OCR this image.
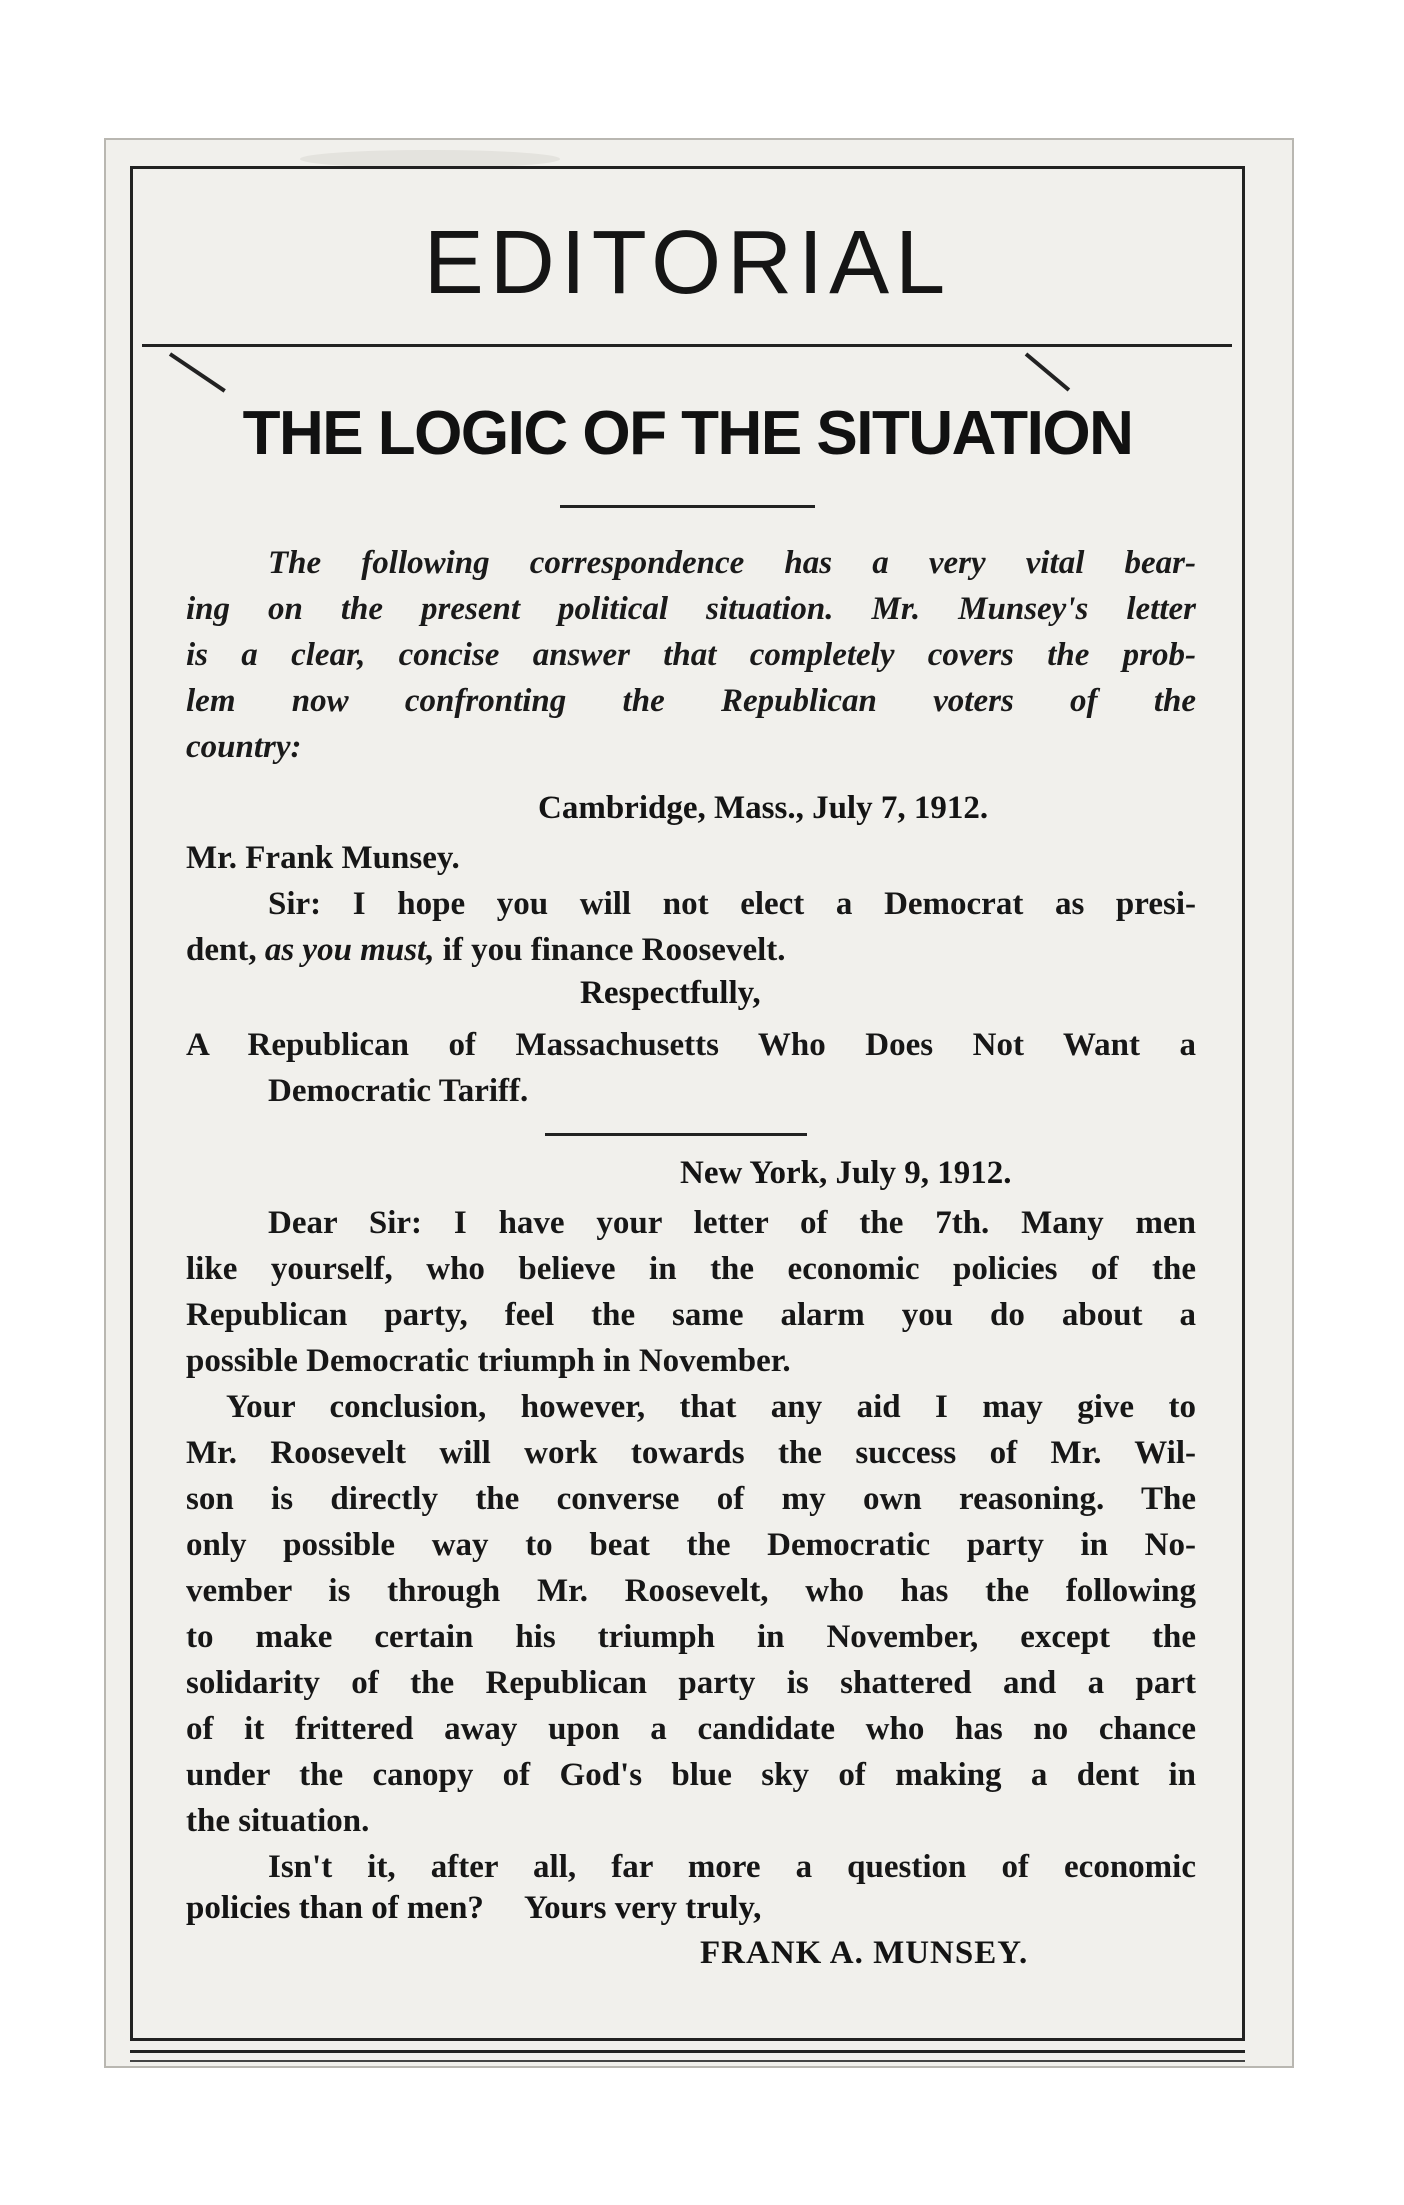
EDITORIAL
THE LOGIC OF THE SITUATION
The following correspondence has a very vital bear-
ing on the present political situation. Mr. Munsey's letter
is a clear, concise answer that completely covers the prob-
lem now confronting the Republican voters of the
country:
Cambridge, Mass., July 7, 1912.
Mr. Frank Munsey.
Sir: I hope you will not elect a Democrat as presi-
dent, as you must, if you finance Roosevelt.
Respectfully,
A Republican of Massachusetts Who Does Not Want a
Democratic Tariff.
New York, July 9, 1912.
Dear Sir: I have your letter of the 7th. Many men
like yourself, who believe in the economic policies of the
Republican party, feel the same alarm you do about a
possible Democratic triumph in November.
Your conclusion, however, that any aid I may give to
Mr. Roosevelt will work towards the success of Mr. Wil-
son is directly the converse of my own reasoning. The
only possible way to beat the Democratic party in No-
vember is through Mr. Roosevelt, who has the following
to make certain his triumph in November, except the
solidarity of the Republican party is shattered and a part
of it frittered away upon a candidate who has no chance
under the canopy of God's blue sky of making a dent in
the situation.
Isn't it, after all, far more a question of economic
policies than of men?     Yours very truly,
FRANK A. MUNSEY.
